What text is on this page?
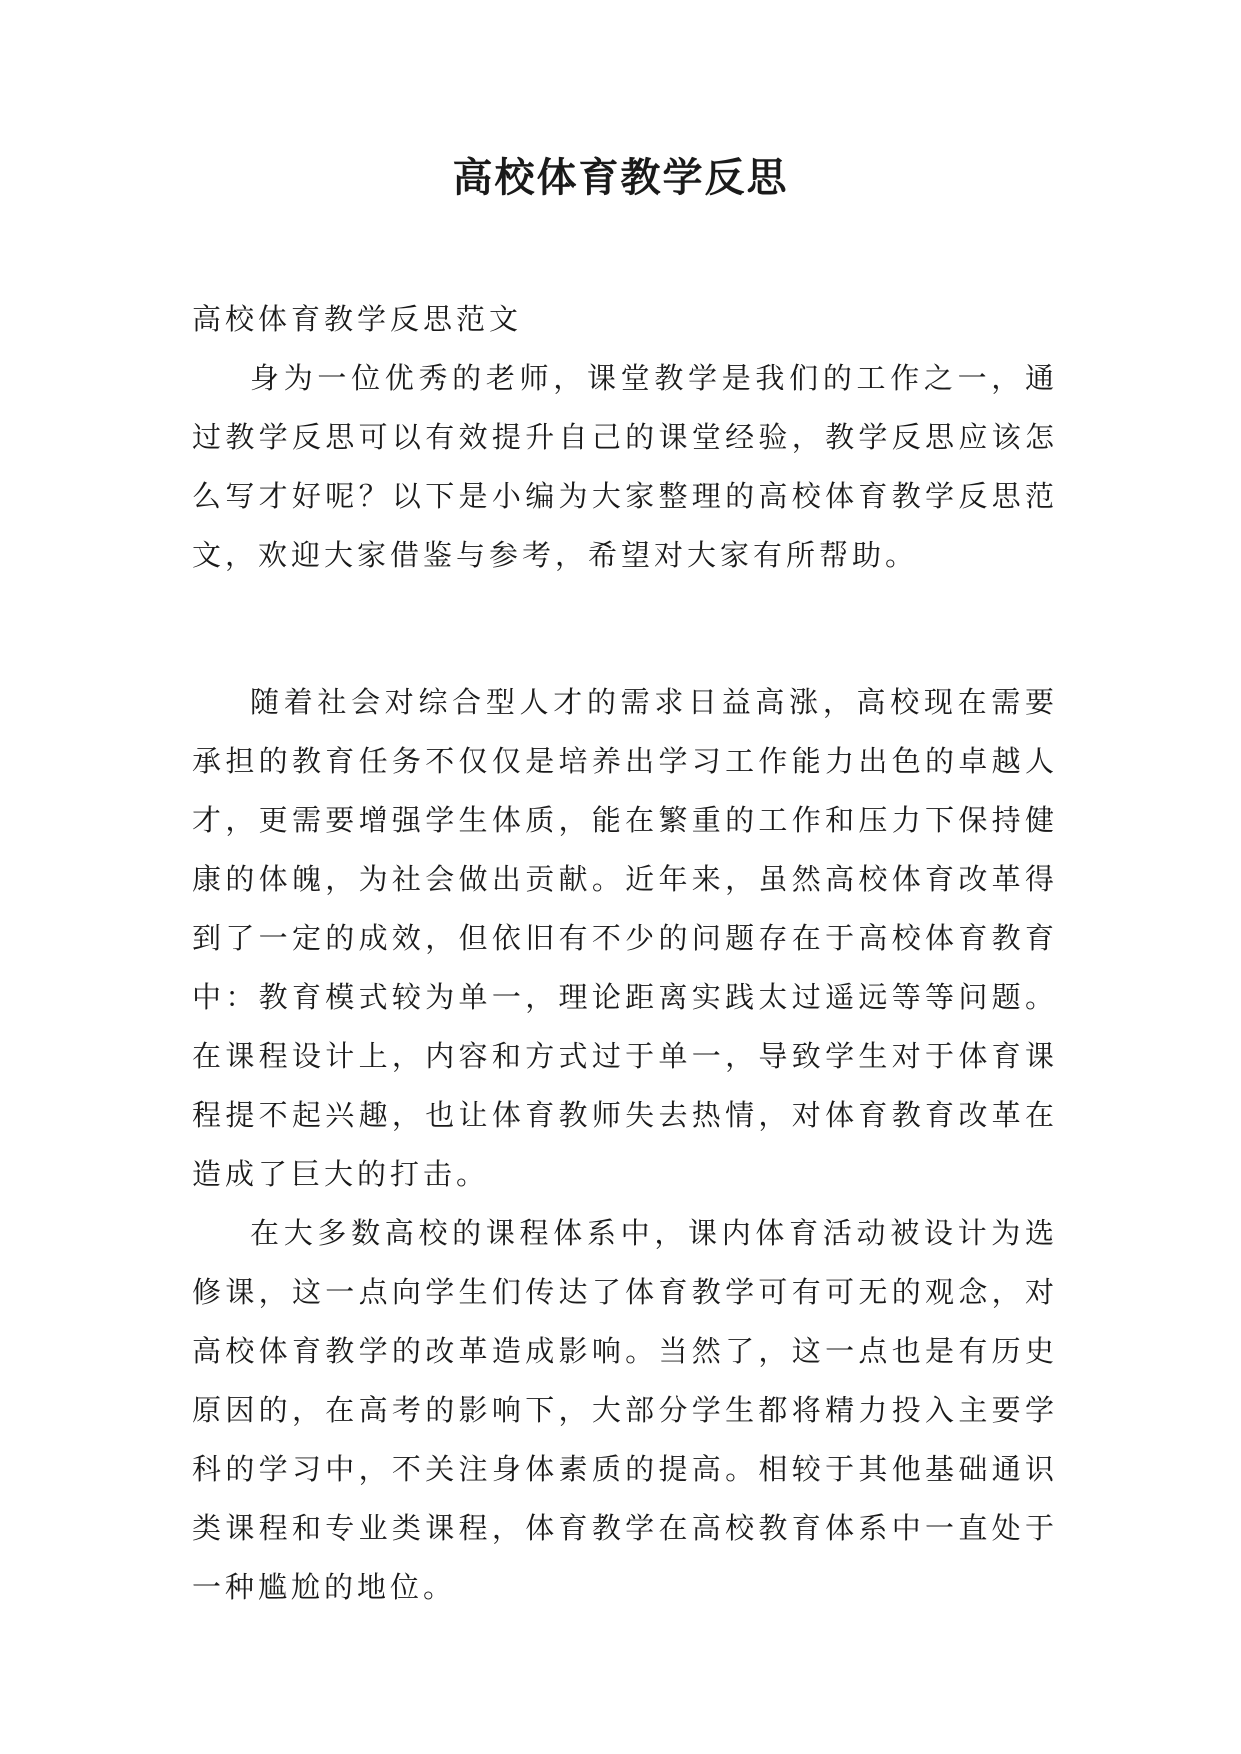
高校体育教学反思

高校体育教学反思范文

身为一位优秀的老师，课堂教学是我们的工作之一，通过教学反思可以有效提升自己的课堂经验，教学反思应该怎么写才好呢？以下是小编为大家整理的高校体育教学反思范文，欢迎大家借鉴与参考，希望对大家有所帮助。

随着社会对综合型人才的需求日益高涨，高校现在需要承担的教育任务不仅仅是培养出学习工作能力出色的卓越人才，更需要增强学生体质，能在繁重的工作和压力下保持健康的体魄，为社会做出贡献。近年来，虽然高校体育改革得到了一定的成效，但依旧有不少的问题存在于高校体育教育中：教育模式较为单一，理论距离实践太过遥远等等问题。在课程设计上，内容和方式过于单一，导致学生对于体育课程提不起兴趣，也让体育教师失去热情，对体育教育改革在造成了巨大的打击。

在大多数高校的课程体系中，课内体育活动被设计为选修课，这一点向学生们传达了体育教学可有可无的观念，对高校体育教学的改革造成影响。当然了，这一点也是有历史原因的，在高考的影响下，大部分学生都将精力投入主要学科的学习中，不关注身体素质的提高。相较于其他基础通识类课程和专业类课程，体育教学在高校教育体系中一直处于一种尴尬的地位。
